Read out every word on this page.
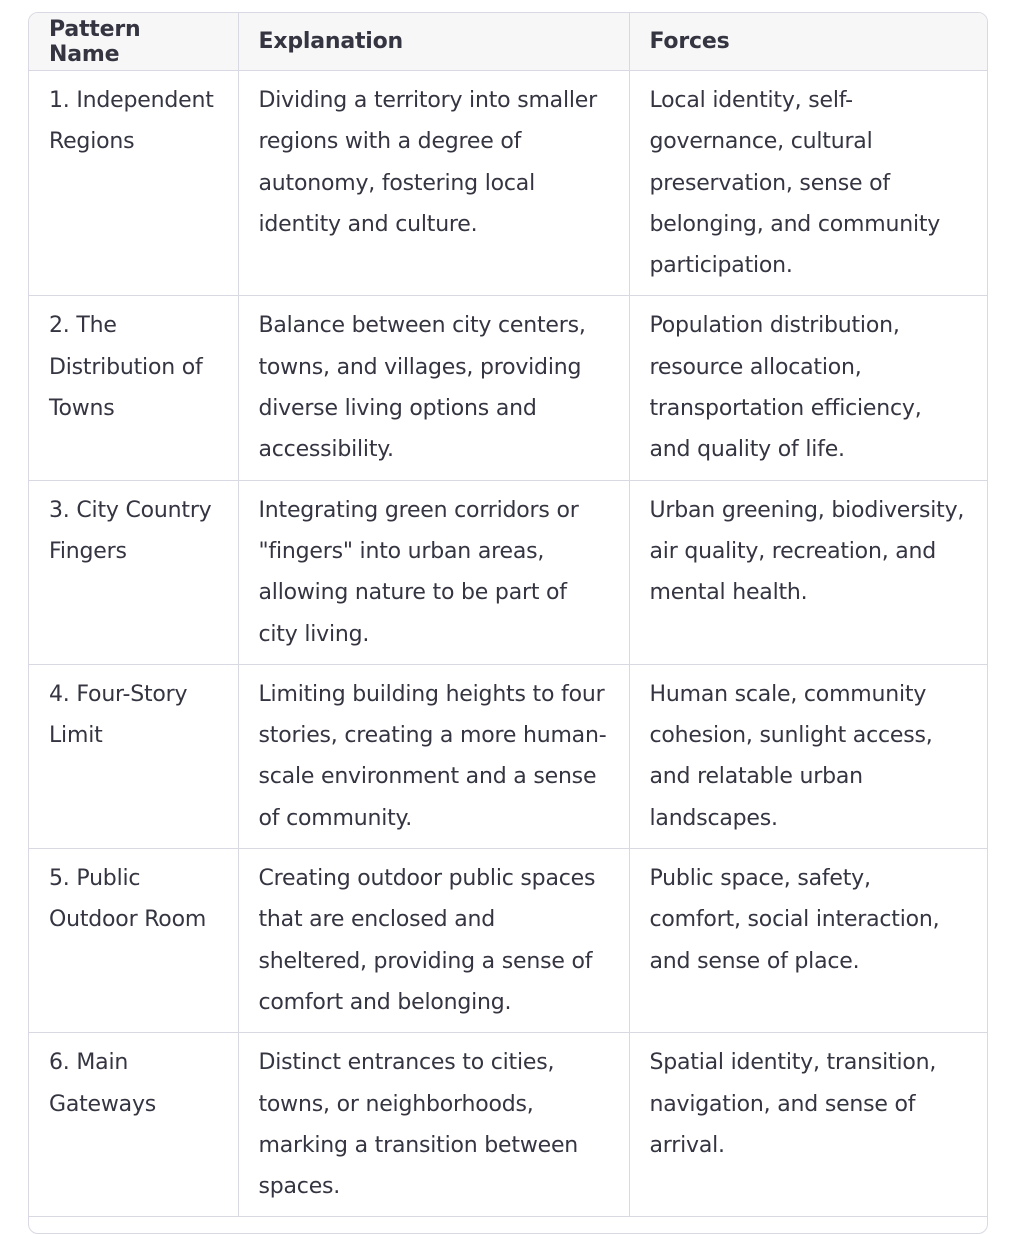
Pattern Name	Explanation	Forces
1. Independent Regions	Dividing a territory into smaller regions with a degree of autonomy, fostering local identity and culture.	Local identity, self-governance, cultural preservation, sense of belonging, and community participation.
2. The Distribution of Towns	Balance between city centers, towns, and villages, providing diverse living options and accessibility.	Population distribution, resource allocation, transportation efficiency, and quality of life.
3. City Country Fingers	Integrating green corridors or "fingers" into urban areas, allowing nature to be part of city living.	Urban greening, biodiversity, air quality, recreation, and mental health.
4. Four-Story Limit	Limiting building heights to four stories, creating a more human-scale environment and a sense of community.	Human scale, community cohesion, sunlight access, and relatable urban landscapes.
5. Public Outdoor Room	Creating outdoor public spaces that are enclosed and sheltered, providing a sense of comfort and belonging.	Public space, safety, comfort, social interaction, and sense of place.
6. Main Gateways	Distinct entrances to cities, towns, or neighborhoods, marking a transition between spaces.	Spatial identity, transition, navigation, and sense of arrival.
